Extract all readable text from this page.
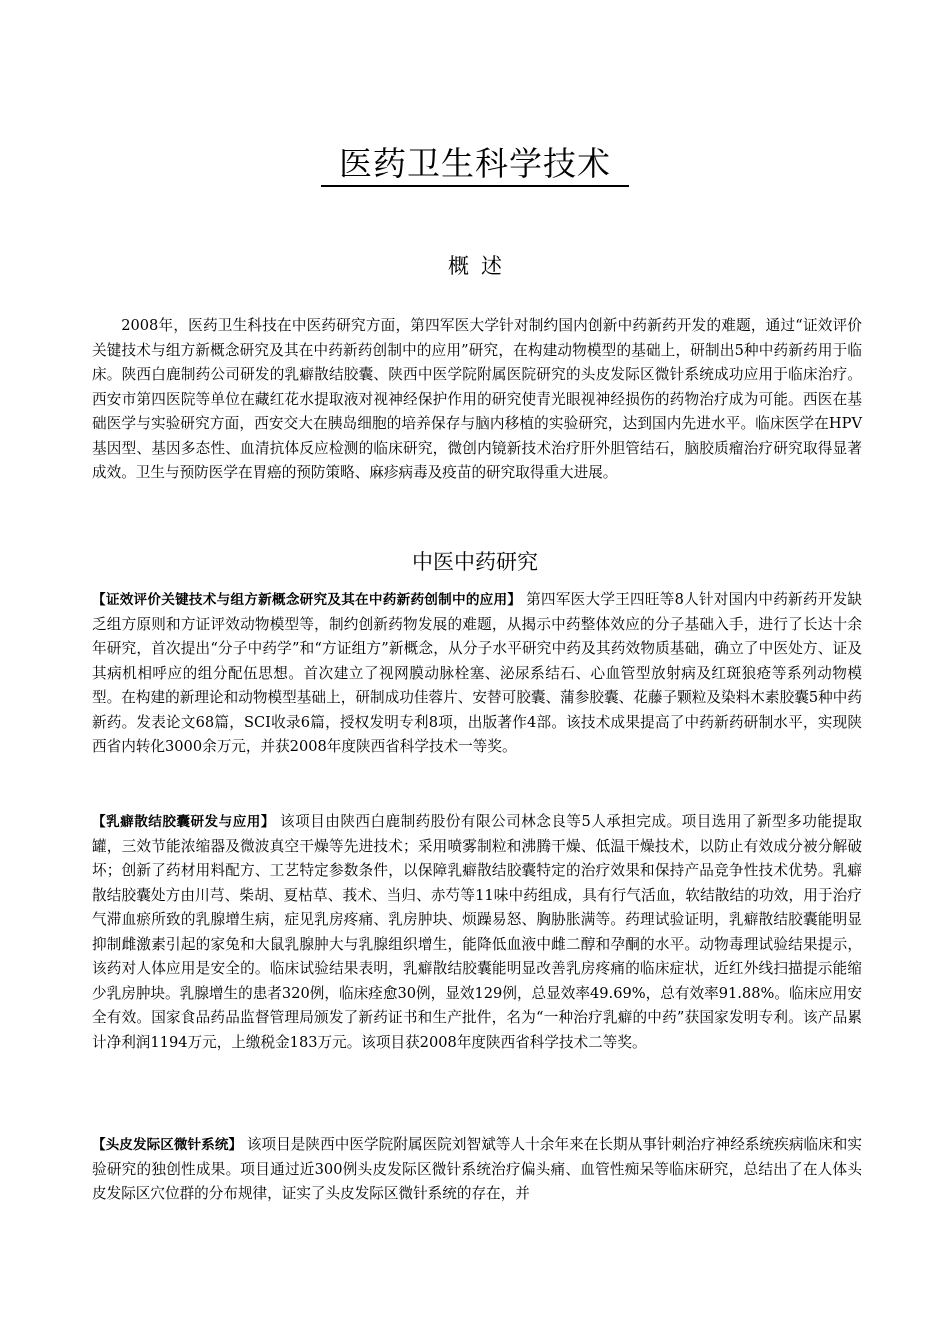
医药卫生科学技术
概述

2008年，医药卫生科技在中医药研究方面，第四军医大学针对制约国内创新中药新药开发的难题，通过“证效评价关键技术与组方新概念研究及其在中药新药创制中的应用”研究，在构建动物模型的基础上，研制出5种中药新药用于临床。陕西白鹿制药公司研发的乳癖散结胶囊、陕西中医学院附属医院研究的头皮发际区微针系统成功应用于临床治疗。西安市第四医院等单位在藏红花水提取液对视神经保护作用的研究使青光眼视神经损伤的药物治疗成为可能。西医在基础医学与实验研究方面，西安交大在胰岛细胞的培养保存与脑内移植的实验研究，达到国内先进水平。临床医学在HPV基因型、基因多态性、血清抗体反应检测的临床研究，微创内镜新技术治疗肝外胆管结石，脑胶质瘤治疗研究取得显著成效。卫生与预防医学在胃癌的预防策略、麻疹病毒及疫苗的研究取得重大进展。

中医中药研究

【证效评价关键技术与组方新概念研究及其在中药新药创制中的应用】 第四军医大学王四旺等8人针对国内中药新药开发缺乏组方原则和方证评效动物模型等，制约创新药物发展的难题，从揭示中药整体效应的分子基础入手，进行了长达十余年研究，首次提出“分子中药学”和“方证组方”新概念，从分子水平研究中药及其药效物质基础，确立了中医处方、证及其病机相呼应的组分配伍思想。首次建立了视网膜动脉栓塞、泌尿系结石、心血管型放射病及红斑狼疮等系列动物模型。在构建的新理论和动物模型基础上，研制成功佳蓉片、安替可胶囊、蒲参胶囊、花藤子颗粒及染料木素胶囊5种中药新药。发表论文68篇，SCI收录6篇，授权发明专利8项，出版著作4部。该技术成果提高了中药新药研制水平，实现陕西省内转化3000余万元，并获2008年度陕西省科学技术一等奖。

【乳癖散结胶囊研发与应用】 该项目由陕西白鹿制药股份有限公司林念良等5人承担完成。项目选用了新型多功能提取罐，三效节能浓缩器及微波真空干燥等先进技术；采用喷雾制粒和沸腾干燥、低温干燥技术，以防止有效成分被分解破坏；创新了药材用料配方、工艺特定参数条件，以保障乳癖散结胶囊特定的治疗效果和保持产品竞争性技术优势。乳癖散结胶囊处方由川芎、柴胡、夏枯草、莪术、当归、赤芍等11味中药组成，具有行气活血，软结散结的功效，用于治疗气滞血瘀所致的乳腺增生病，症见乳房疼痛、乳房肿块、烦躁易怒、胸胁胀满等。药理试验证明，乳癖散结胶囊能明显抑制雌激素引起的家兔和大鼠乳腺肿大与乳腺组织增生，能降低血液中雌二醇和孕酮的水平。动物毒理试验结果提示，该药对人体应用是安全的。临床试验结果表明，乳癖散结胶囊能明显改善乳房疼痛的临床症状，近红外线扫描提示能缩少乳房肿块。乳腺增生的患者320例，临床痊愈30例，显效129例，总显效率49.69%，总有效率91.88%。临床应用安全有效。国家食品药品监督管理局颁发了新药证书和生产批件，名为“一种治疗乳癖的中药”获国家发明专利。该产品累计净利润1194万元，上缴税金183万元。该项目获2008年度陕西省科学技术二等奖。

【头皮发际区微针系统】 该项目是陕西中医学院附属医院刘智斌等人十余年来在长期从事针刺治疗神经系统疾病临床和实验研究的独创性成果。项目通过近300例头皮发际区微针系统治疗偏头痛、血管性痴呆等临床研究，总结出了在人体头皮发际区穴位群的分布规律，证实了头皮发际区微针系统的存在，并
